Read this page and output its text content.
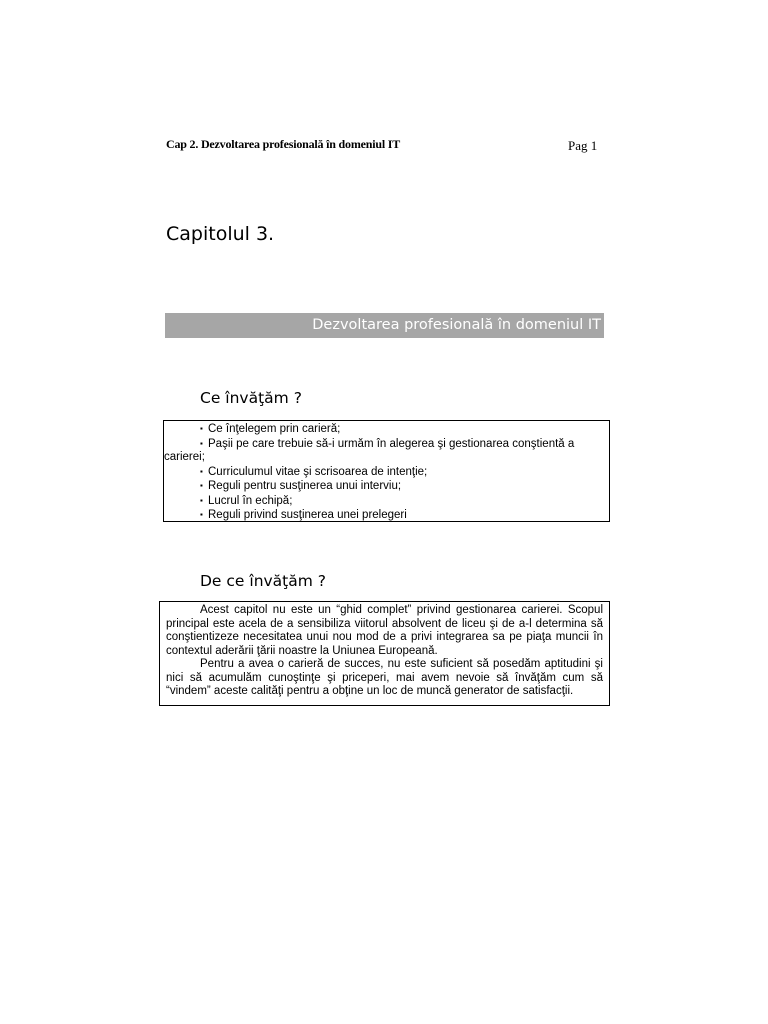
Cap 2. Dezvoltarea profesională în domeniul IT	Pag 1
Capitolul 3.
Dezvoltarea profesională în domeniul IT
Ce învăţăm ?
▪ Ce înţelegem prin carieră;
▪ Paşii pe care trebuie să-i urmăm în alegerea şi gestionarea conştientă a
carierei;
▪ Curriculumul vitae şi scrisoarea de intenţie;
▪ Reguli pentru susţinerea unui interviu;
▪ Lucrul în echipă;
▪ Reguli privind susţinerea unei prelegeri
De ce învăţăm ?

Acest capitol nu este un “ghid complet” privind gestionarea carierei. Scopul principal este acela de a sensibiliza viitorul absolvent de liceu şi de a-l determina să conştientizeze necesitatea unui nou mod de a privi integrarea sa pe piaţa muncii în contextul aderării ţării noastre la Uniunea Europeană.

Pentru a avea o carieră de succes, nu este suficient să posedăm aptitudini şi nici să acumulăm cunoştinţe şi priceperi, mai avem nevoie să învăţăm cum să “vindem” aceste calităţi pentru a obţine un loc de muncă generator de satisfacţii.
